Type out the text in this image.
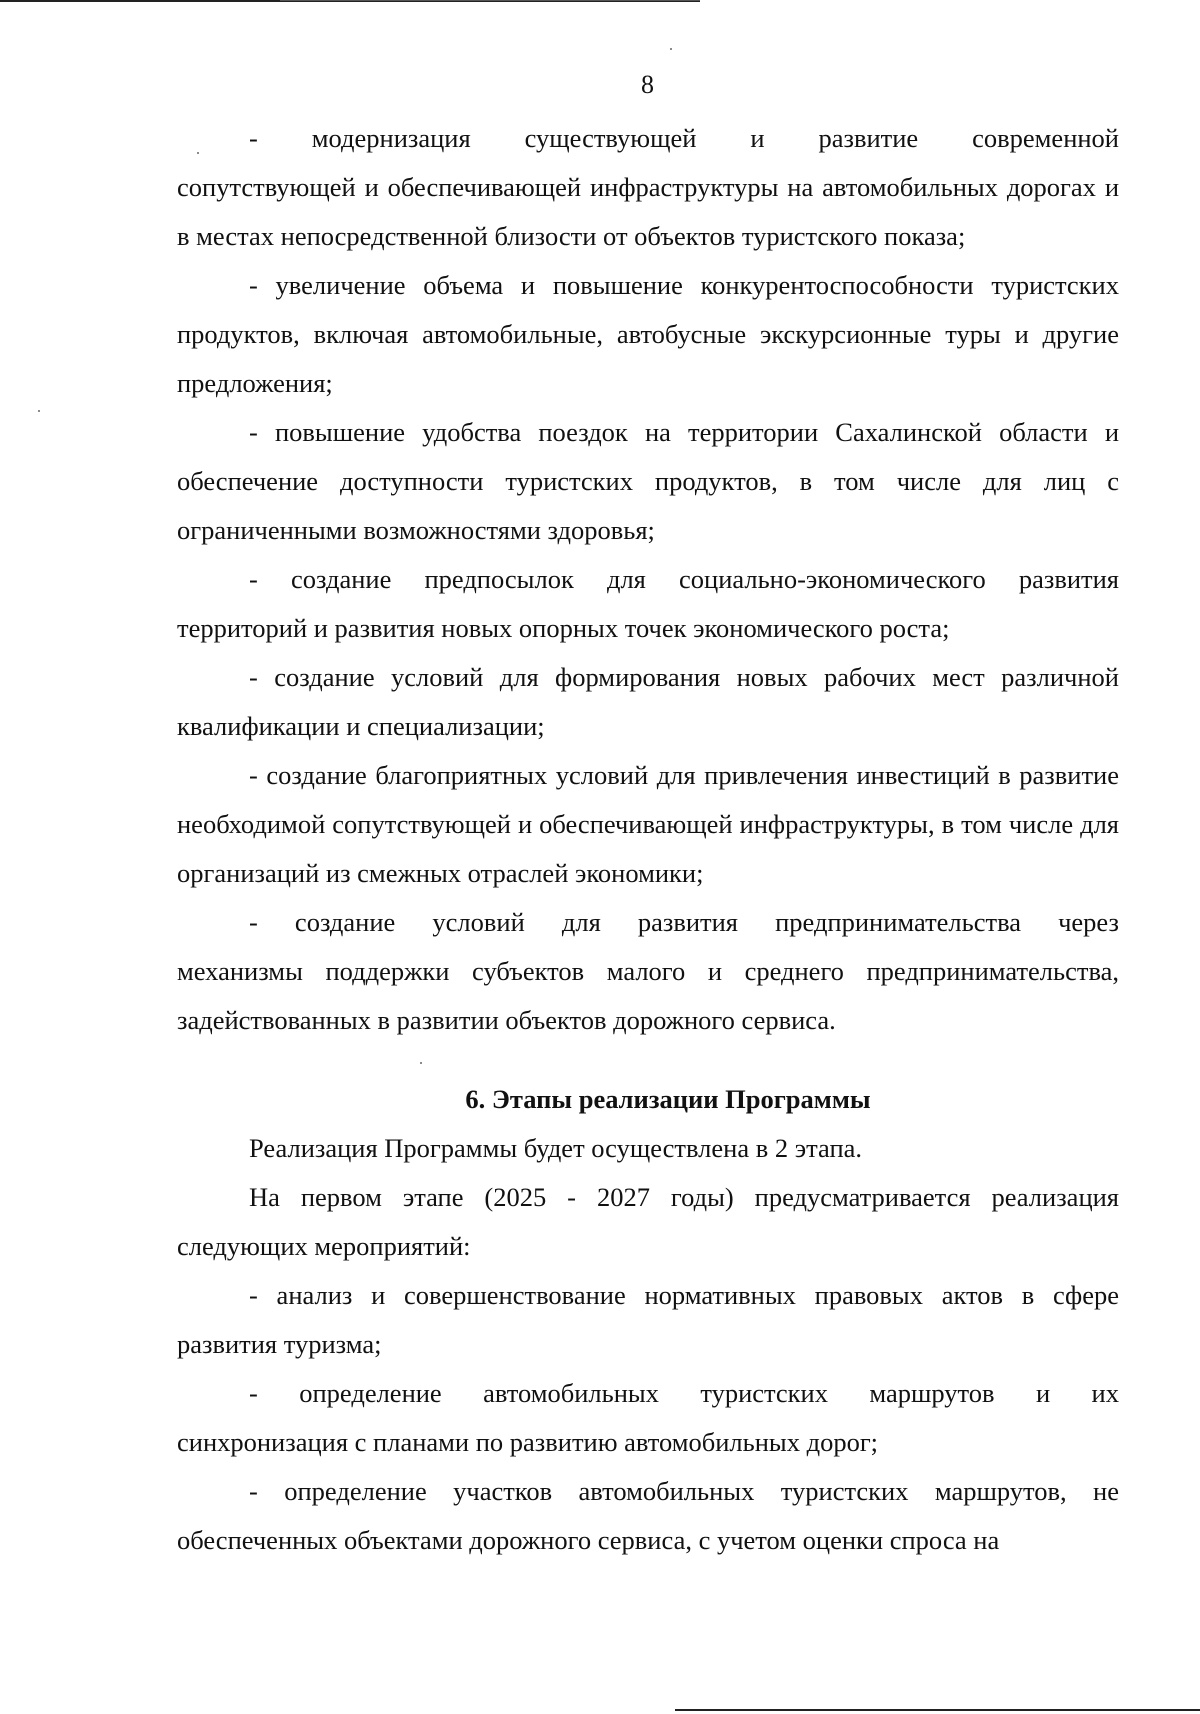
8

- модернизация существующей и развитие современной

сопутствующей и обеспечивающей инфраструктуры на автомобильных дорогах и в местах непосредственной близости от объектов туристского показа;

- увеличение объема и повышение конкурентоспособности туристских продуктов, включая автомобильные, автобусные экскурсионные туры и другие предложения;

- повышение удобства поездок на территории Сахалинской области и обеспечение доступности туристских продуктов, в том числе для лиц с ограниченными возможностями здоровья;

- создание предпосылок для социально-экономического развития территорий и развития новых опорных точек экономического роста;

- создание условий для формирования новых рабочих мест различной квалификации и специализации;

- создание благоприятных условий для привлечения инвестиций в развитие необходимой сопутствующей и обеспечивающей инфраструктуры, в том числе для организаций из смежных отраслей экономики;

- создание условий для развития предпринимательства через

механизмы поддержки субъектов малого и среднего предпринимательства, задействованных в развитии объектов дорожного сервиса.

6. Этапы реализации Программы

Реализация Программы будет осуществлена в 2 этапа.

На первом этапе (2025 - 2027 годы) предусматривается реализация следующих мероприятий:

- анализ и совершенствование нормативных правовых актов в сфере развития туризма;

- определение автомобильных туристских маршрутов и их

синхронизация с планами по развитию автомобильных дорог;

- определение участков автомобильных туристских маршрутов, не обеспеченных объектами дорожного сервиса, с учетом оценки спроса на
